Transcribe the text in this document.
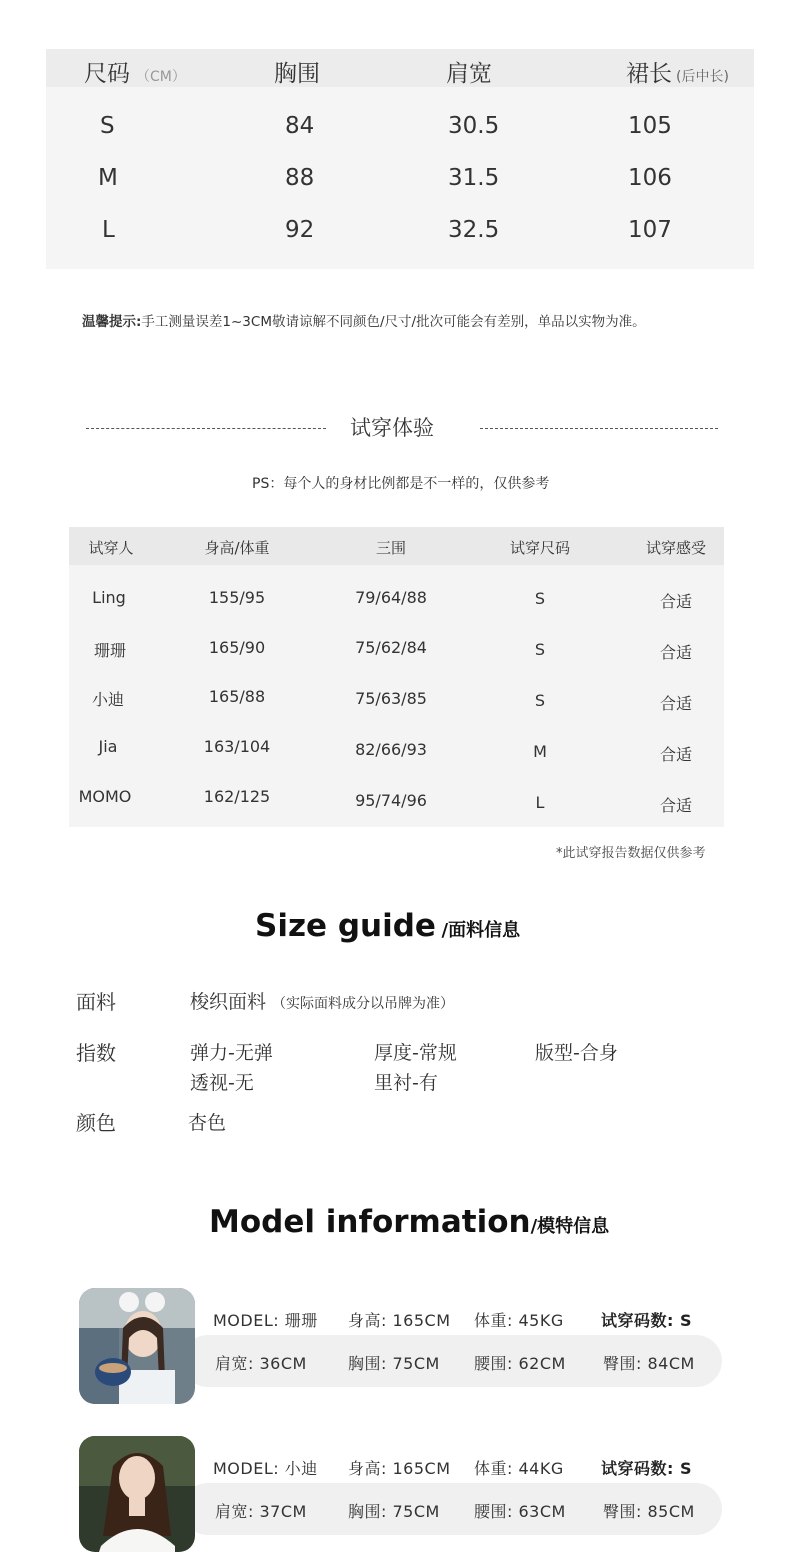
尺码 （CM）	胸围	肩宽	裙长 (后中长)
S	84	30.5	105
M	88	31.5	106
L	92	32.5	107
温馨提示:手工测量误差1~3CM敬请谅解不同颜色/尺寸/批次可能会有差别，单品以实物为准。
试穿体验
PS：每个人的身材比例都是不一样的，仅供参考
试穿人	身高/体重	三围	试穿尺码	试穿感受
Ling	155/95	79/64/88	S	合适
珊珊	165/90	75/62/84	S	合适
小迪	165/88	75/63/85	S	合适
Jia	163/104	82/66/93	M	合适
MOMO	162/125	95/74/96	L	合适
*此试穿报告数据仅供参考
Size guide /面料信息
面料	梭织面料 （实际面料成分以吊牌为准）
指数	弹力-无弹	厚度-常规	版型-合身
透视-无	里衬-有
颜色	杏色
Model information/模特信息
MODEL: 珊珊 身高: 165CM 体重: 45KG 试穿码数: S
肩宽: 36CM	胸围: 75CM 腰围: 62CM 臀围: 84CM
MODEL: 小迪 身高: 165CM 体重: 44KG 试穿码数: S
肩宽: 37CM	胸围: 75CM 腰围: 63CM 臀围: 85CM
